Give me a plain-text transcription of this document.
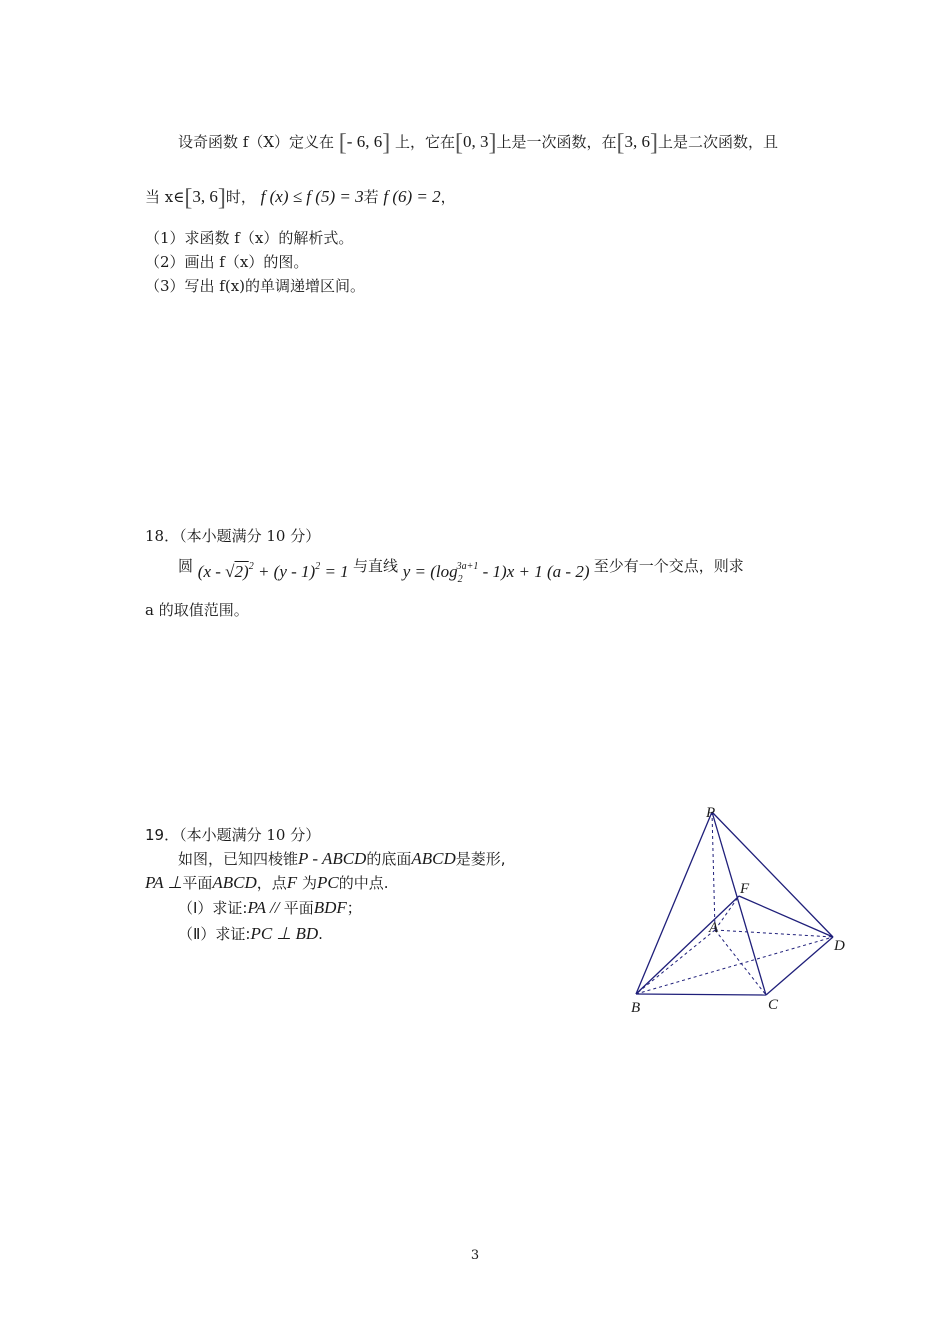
设奇函数 f（X）定义在 [- 6, 6] 上，它在[0, 3]上是一次函数，在[3, 6]上是二次函数，且
当 x∈[3, 6]时， f (x) ≤ f (5) = 3若 f (6) = 2，
（1）求函数 f（x）的解析式。
（2）画出 f（x）的图。
（3）写出 f(x)的单调递增区间。
18．（本小题满分 10 分）
圆 (x - √2)$^2$ + (y - 1)$^2$ = 1 与直线 $y = (\log_2^{3a+1} - 1)x + 1$ (a - 2) 至少有一个交点，则求
a 的取值范围。
19．（本小题满分 10 分）
如图，已知四棱锥P - ABCD的底面ABCD是菱形,
PA ⊥平面ABCD，点F 为PC的中点.
（Ⅰ）求证:PA // 平面BDF；
（Ⅱ）求证:PC ⊥ BD.
P
F
A
D
B	C
3
